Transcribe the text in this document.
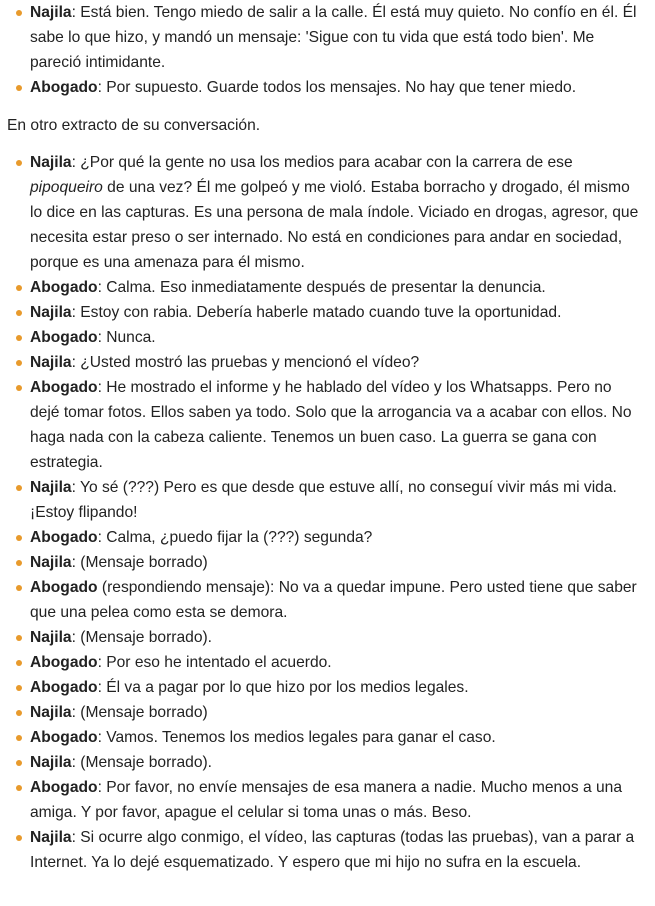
Najila: Está bien. Tengo miedo de salir a la calle. Él está muy quieto. No confío en él. Él sabe lo que hizo, y mandó un mensaje: 'Sigue con tu vida que está todo bien'. Me pareció intimidante.
Abogado: Por supuesto. Guarde todos los mensajes. No hay que tener miedo.

En otro extracto de su conversación.

Najila: ¿Por qué la gente no usa los medios para acabar con la carrera de ese pipoqueiro de una vez? Él me golpeó y me violó. Estaba borracho y drogado, él mismo lo dice en las capturas. Es una persona de mala índole. Viciado en drogas, agresor, que necesita estar preso o ser internado. No está en condiciones para andar en sociedad, porque es una amenaza para él mismo.
Abogado: Calma. Eso inmediatamente después de presentar la denuncia.
Najila: Estoy con rabia. Debería haberle matado cuando tuve la oportunidad.
Abogado: Nunca.
Najila: ¿Usted mostró las pruebas y mencionó el vídeo?
Abogado: He mostrado el informe y he hablado del vídeo y los Whatsapps. Pero no dejé tomar fotos. Ellos saben ya todo. Solo que la arrogancia va a acabar con ellos. No haga nada con la cabeza caliente. Tenemos un buen caso. La guerra se gana con estrategia.
Najila: Yo sé (???) Pero es que desde que estuve allí, no conseguí vivir más mi vida. ¡Estoy flipando!
Abogado: Calma, ¿puedo fijar la (???) segunda?
Najila: (Mensaje borrado)
Abogado (respondiendo mensaje): No va a quedar impune. Pero usted tiene que saber que una pelea como esta se demora.
Najila: (Mensaje borrado).
Abogado: Por eso he intentado el acuerdo.
Abogado: Él va a pagar por lo que hizo por los medios legales.
Najila: (Mensaje borrado)
Abogado: Vamos. Tenemos los medios legales para ganar el caso.
Najila: (Mensaje borrado).
Abogado: Por favor, no envíe mensajes de esa manera a nadie. Mucho menos a una amiga. Y por favor, apague el celular si toma unas o más. Beso.
Najila: Si ocurre algo conmigo, el vídeo, las capturas (todas las pruebas), van a parar a Internet. Ya lo dejé esquematizado. Y espero que mi hijo no sufra en la escuela.
